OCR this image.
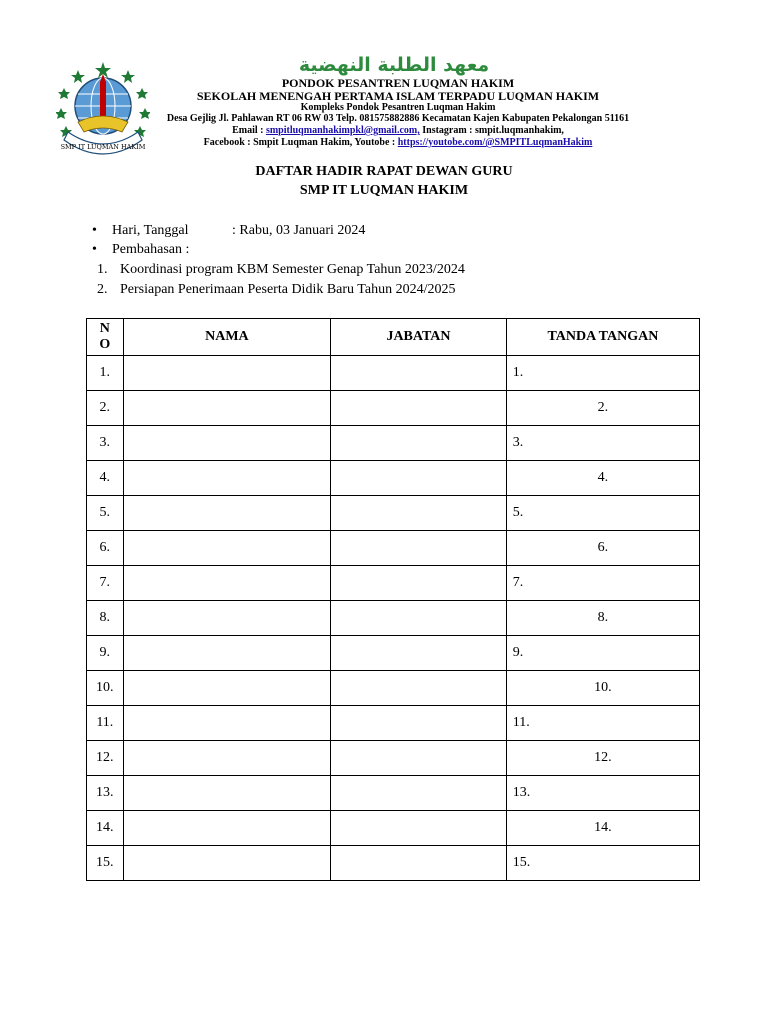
SMP IT LUQMAN HAKIM
معهد الطلبة النهضية
PONDOK PESANTREN LUQMAN HAKIM
SEKOLAH MENENGAH PERTAMA ISLAM TERPADU LUQMAN HAKIM
Kompleks Pondok Pesantren Luqman Hakim
Desa Gejlig Jl. Pahlawan RT 06 RW 03 Telp. 081575882886 Kecamatan Kajen Kabupaten Pekalongan 51161
Email : smpitluqmanhakimpkl@gmail.com, Instagram : smpit.luqmanhakim,
Facebook : Smpit Luqman Hakim, Youtobe : https://youtobe.com/@SMPITLuqmanHakim
DAFTAR HADIR RAPAT DEWAN GURU
SMP IT LUQMAN HAKIM
• Hari, Tanggal	: Rabu, 03 Januari 2024
• Pembahasan :
1. Koordinasi program KBM Semester Genap Tahun 2023/2024
2. Persiapan Penerimaan Peserta Didik Baru Tahun 2024/2025
N
O	NAMA	JABATAN	TANDA TANGAN
1.			1.
2.			2.
3.			3.
4.			4.
5.			5.
6.			6.
7.			7.
8.			8.
9.			9.
10.			10.
11.			11.
12.			12.
13.			13.
14.			14.
15.			15.
